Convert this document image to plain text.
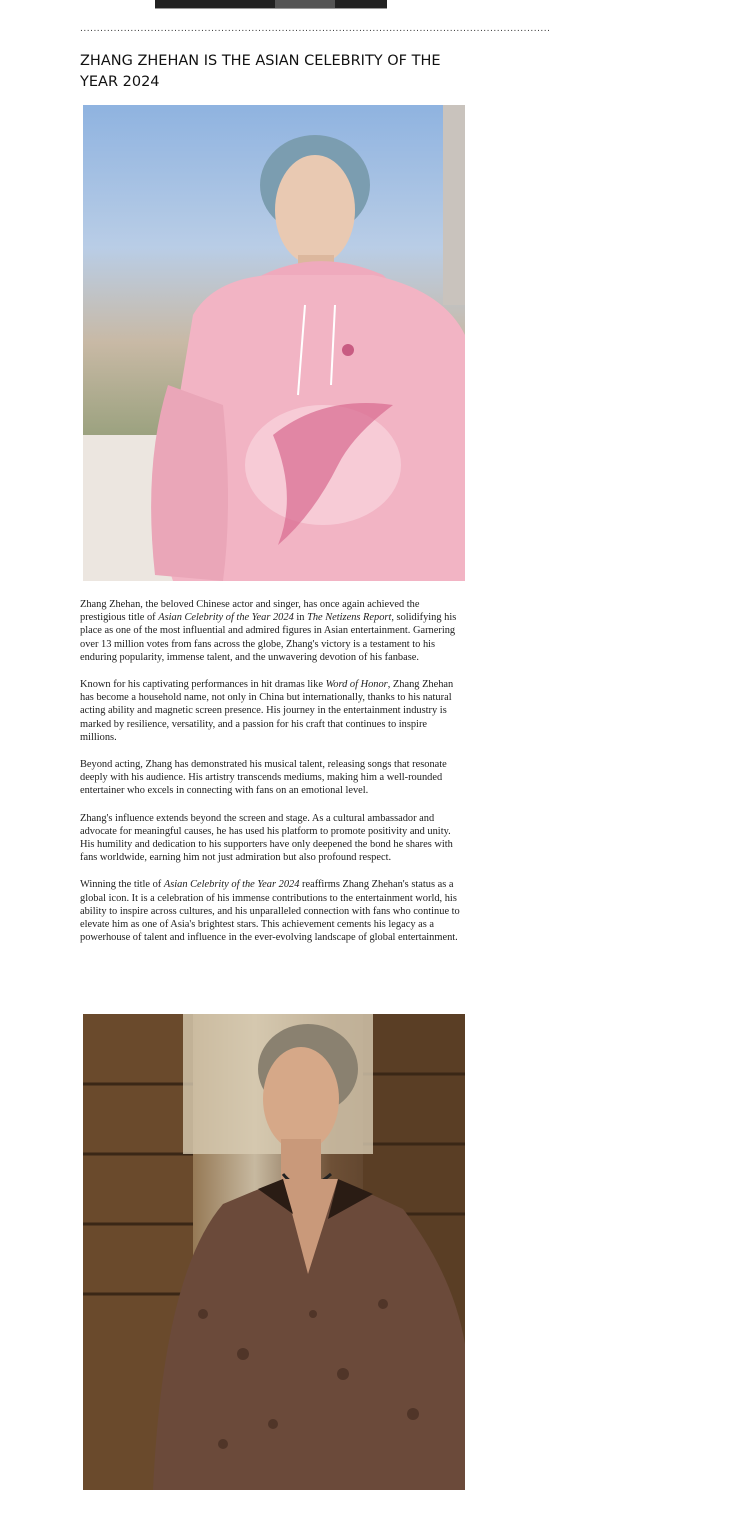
............................................................................................................................................
ZHANG ZHEHAN IS THE ASIAN CELEBRITY OF THE YEAR 2024

Zhang Zhehan, the beloved Chinese actor and singer, has once again achieved the prestigious title of Asian Celebrity of the Year 2024 in The Netizens Report, solidifying his place as one of the most influential and admired figures in Asian entertainment. Garnering over 13 million votes from fans across the globe, Zhang's victory is a testament to his enduring popularity, immense talent, and the unwavering devotion of his fanbase.

Known for his captivating performances in hit dramas like Word of Honor, Zhang Zhehan has become a household name, not only in China but internationally, thanks to his natural acting ability and magnetic screen presence. His journey in the entertainment industry is marked by resilience, versatility, and a passion for his craft that continues to inspire millions.

Beyond acting, Zhang has demonstrated his musical talent, releasing songs that resonate deeply with his audience. His artistry transcends mediums, making him a well-rounded entertainer who excels in connecting with fans on an emotional level.

Zhang's influence extends beyond the screen and stage. As a cultural ambassador and advocate for meaningful causes, he has used his platform to promote positivity and unity. His humility and dedication to his supporters have only deepened the bond he shares with fans worldwide, earning him not just admiration but also profound respect.

Winning the title of Asian Celebrity of the Year 2024 reaffirms Zhang Zhehan's status as a global icon. It is a celebration of his immense contributions to the entertainment world, his ability to inspire across cultures, and his unparalleled connection with fans who continue to elevate him as one of Asia's brightest stars. This achievement cements his legacy as a powerhouse of talent and influence in the ever-evolving landscape of global entertainment.
